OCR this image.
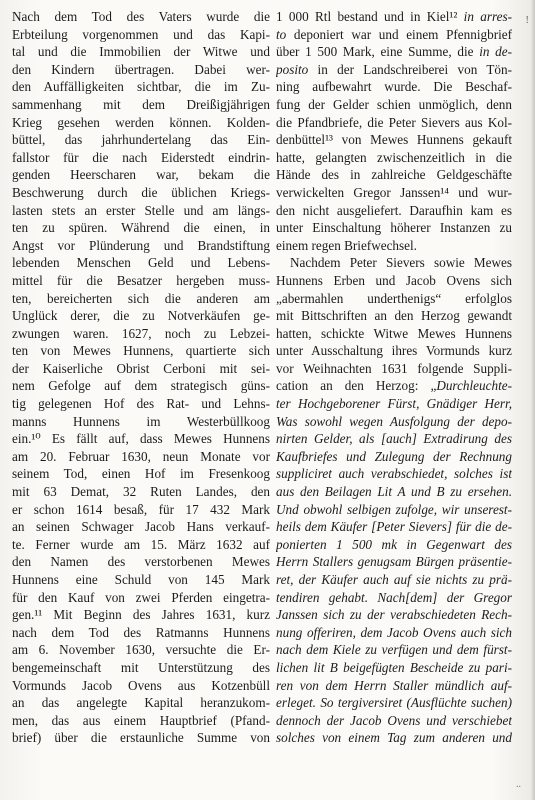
Nach dem Tod des Vaters wurde die
Erbteilung vorgenommen und das Kapi-
tal und die Immobilien der Witwe und
den Kindern übertragen. Dabei wer-
den Auffälligkeiten sichtbar, die im Zu-
sammenhang mit dem Dreißigjährigen
Krieg gesehen werden können. Kolden-
büttel, das jahrhundertelang das Ein-
fallstor für die nach Eiderstedt eindrin-
genden Heerscharen war, bekam die
Beschwerung durch die üblichen Kriegs-
lasten stets an erster Stelle und am längs-
ten zu spüren. Während die einen, in
Angst vor Plünderung und Brandstiftung
lebenden Menschen Geld und Lebens-
mittel für die Besatzer hergeben muss-
ten, bereicherten sich die anderen am
Unglück derer, die zu Notverkäufen ge-
zwungen waren. 1627, noch zu Lebzei-
ten von Mewes Hunnens, quartierte sich
der Kaiserliche Obrist Cerboni mit sei-
nem Gefolge auf dem strategisch güns-
tig gelegenen Hof des Rat- und Lehns-
manns Hunnens im Westerbüllkoog
ein.¹⁰ Es fällt auf, dass Mewes Hunnens
am 20. Februar 1630, neun Monate vor
seinem Tod, einen Hof im Fresenkoog
mit 63 Demat, 32 Ruten Landes, den
er schon 1614 besaß, für 17 432 Mark
an seinen Schwager Jacob Hans verkauf-
te. Ferner wurde am 15. März 1632 auf
den Namen des verstorbenen Mewes
Hunnens eine Schuld von 145 Mark
für den Kauf von zwei Pferden eingetra-
gen.¹¹ Mit Beginn des Jahres 1631, kurz
nach dem Tod des Ratmanns Hunnens
am 6. November 1630, versuchte die Er-
bengemeinschaft mit Unterstützung des
Vormunds Jacob Ovens aus Kotzenbüll
an das angelegte Kapital heranzukom-
men, das aus einem Hauptbrief (Pfand-
brief) über die erstaunliche Summe von
1 000 Rtl bestand und in Kiel¹² in arres-
to deponiert war und einem Pfennigbrief
über 1 500 Mark, eine Summe, die in de-
posito in der Landschreiberei von Tön-
ning aufbewahrt wurde. Die Beschaf-
fung der Gelder schien unmöglich, denn
die Pfandbriefe, die Peter Sievers aus Kol-
denbüttel¹³ von Mewes Hunnens gekauft
hatte, gelangten zwischenzeitlich in die
Hände des in zahlreiche Geldgeschäfte
verwickelten Gregor Janssen¹⁴ und wur-
den nicht ausgeliefert. Daraufhin kam es
unter Einschaltung höherer Instanzen zu
einem regen Briefwechsel.
Nachdem Peter Sievers sowie Mewes
Hunnens Erben und Jacob Ovens sich
„abermahlen underthenigs“ erfolglos
mit Bittschriften an den Herzog gewandt
hatten, schickte Witwe Mewes Hunnens
unter Ausschaltung ihres Vormunds kurz
vor Weihnachten 1631 folgende Suppli-
cation an den Herzog: „Durchleuchte-
ter Hochgeborener Fürst, Gnädiger Herr,
Was sowohl wegen Ausfolgung der depo-
nirten Gelder, als [auch] Extradirung des
Kaufbriefes und Zulegung der Rechnung
suppliciret auch verabschiedet, solches ist
aus den Beilagen Lit A und B zu ersehen.
Und obwohl selbigen zufolge, wir unserest-
heils dem Käufer [Peter Sievers] für die de-
ponierten 1 500 mk in Gegenwart des
Herrn Stallers genugsam Bürgen präsentie-
ret, der Käufer auch auf sie nichts zu prä-
tendiren gehabt. Nach[dem] der Gregor
Janssen sich zu der verabschiedeten Rech-
nung offeriren, dem Jacob Ovens auch sich
nach dem Kiele zu verfügen und dem fürst-
lichen lit B beigefügten Bescheide zu pari-
ren von dem Herrn Staller mündlich auf-
erleget. So tergiversiret (Ausflüchte suchen)
dennoch der Jacob Ovens und verschiebet
solches von einem Tag zum anderen und
!
..
